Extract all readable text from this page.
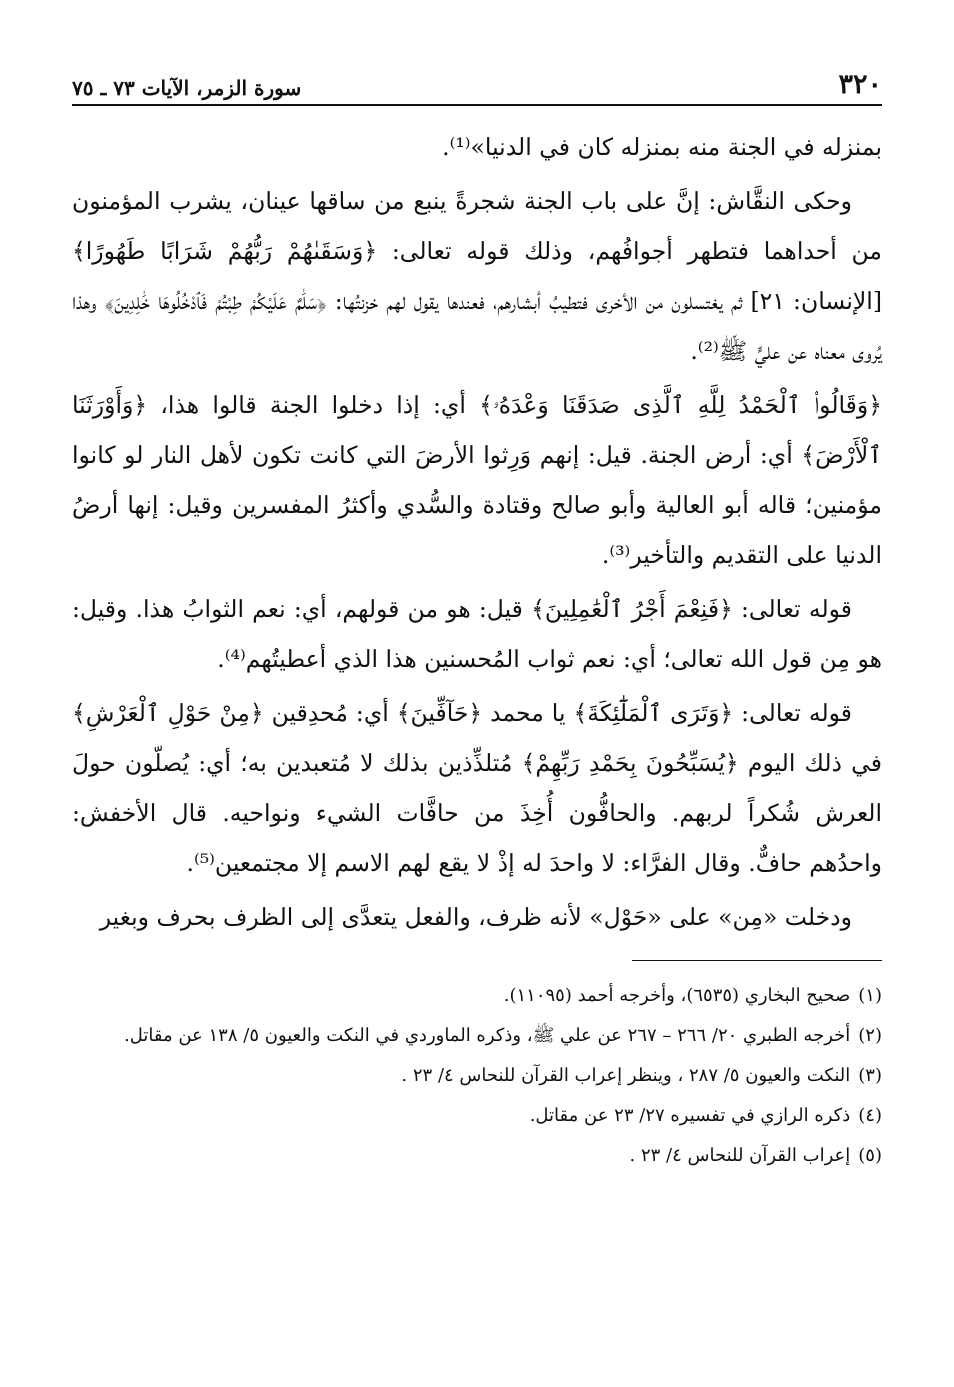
٣٢٠
سورة الزمر، الآيات ٧٣ ـ ٧٥

بمنزله في الجنة منه بمنزله كان في الدنيا»⁽¹⁾.

وحكى النقَّاش: إنَّ على باب الجنة شجرةً ينبع من ساقها عينان، يشرب المؤمنون من أحداهما فتطهر أجوافُهم، وذلك قوله تعالى: ﴿وَسَقَىٰهُمْ رَبُّهُمْ شَرَابًا طَهُورًا﴾ [الإنسان: ٢١] ثم يغتسلون من الأخرى فتطيبُ أبشارهم، فعندها يقول لهم خزنتُها: ﴿سَلَٰمٌ عَلَيْكُمْ طِبْتُمْ فَٱدْخُلُوهَا خَٰلِدِينَ﴾ وهذا يُروى معناه عن عليٍّ ﷺ⁽²⁾.

﴿وَقَالُوا۟ ٱلْحَمْدُ لِلَّهِ ٱلَّذِى صَدَقَنَا وَعْدَهُۥ﴾ أي: إذا دخلوا الجنة قالوا هذا، ﴿وَأَوْرَثَنَا ٱلْأَرْضَ﴾ أي: أرض الجنة. قيل: إنهم وَرِثوا الأرضَ التي كانت تكون لأهل النار لو كانوا مؤمنين؛ قاله أبو العالية وأبو صالح وقتادة والسُّدي وأكثرُ المفسرين وقيل: إنها أرضُ الدنيا على التقديم والتأخير⁽³⁾.

قوله تعالى: ﴿فَنِعْمَ أَجْرُ ٱلْعَٰمِلِينَ﴾ قيل: هو من قولهم، أي: نعم الثوابُ هذا. وقيل: هو مِن قول الله تعالى؛ أي: نعم ثواب المُحسنين هذا الذي أعطيتُهم⁽⁴⁾.

قوله تعالى: ﴿وَتَرَى ٱلْمَلَٰٓئِكَةَ﴾ يا محمد ﴿حَآفِّينَ﴾ أي: مُحدِقين ﴿مِنْ حَوْلِ ٱلْعَرْشِ﴾ في ذلك اليوم ﴿يُسَبِّحُونَ بِحَمْدِ رَبِّهِمْ﴾ مُتلذِّذين بذلك لا مُتعبدين به؛ أي: يُصلّون حولَ العرش شُكراً لربهم. والحافُّون أُخِذَ من حافَّات الشيء ونواحيه. قال الأخفش: واحدُهم حافٌّ. وقال الفرَّاء: لا واحدَ له إذْ لا يقع لهم الاسم إلا مجتمعين⁽⁵⁾.

ودخلت «مِن» على «حَوْل» لأنه ظرف، والفعل يتعدَّى إلى الظرف بحرف وبغير

(١)صحيح البخاري (٦٥٣٥)، وأخرجه أحمد (١١٠٩٥).

(٢)أخرجه الطبري ٢٠/ ٢٦٦ – ٢٦٧ عن علي ﷺ، وذكره الماوردي في النكت والعيون ٥/ ١٣٨ عن مقاتل.

(٣)النكت والعيون ٥/ ٢٨٧ ، وينظر إعراب القرآن للنحاس ٤/ ٢٣ .

(٤)ذكره الرازي في تفسيره ٢٧/ ٢٣ عن مقاتل.

(٥)إعراب القرآن للنحاس ٤/ ٢٣ .
